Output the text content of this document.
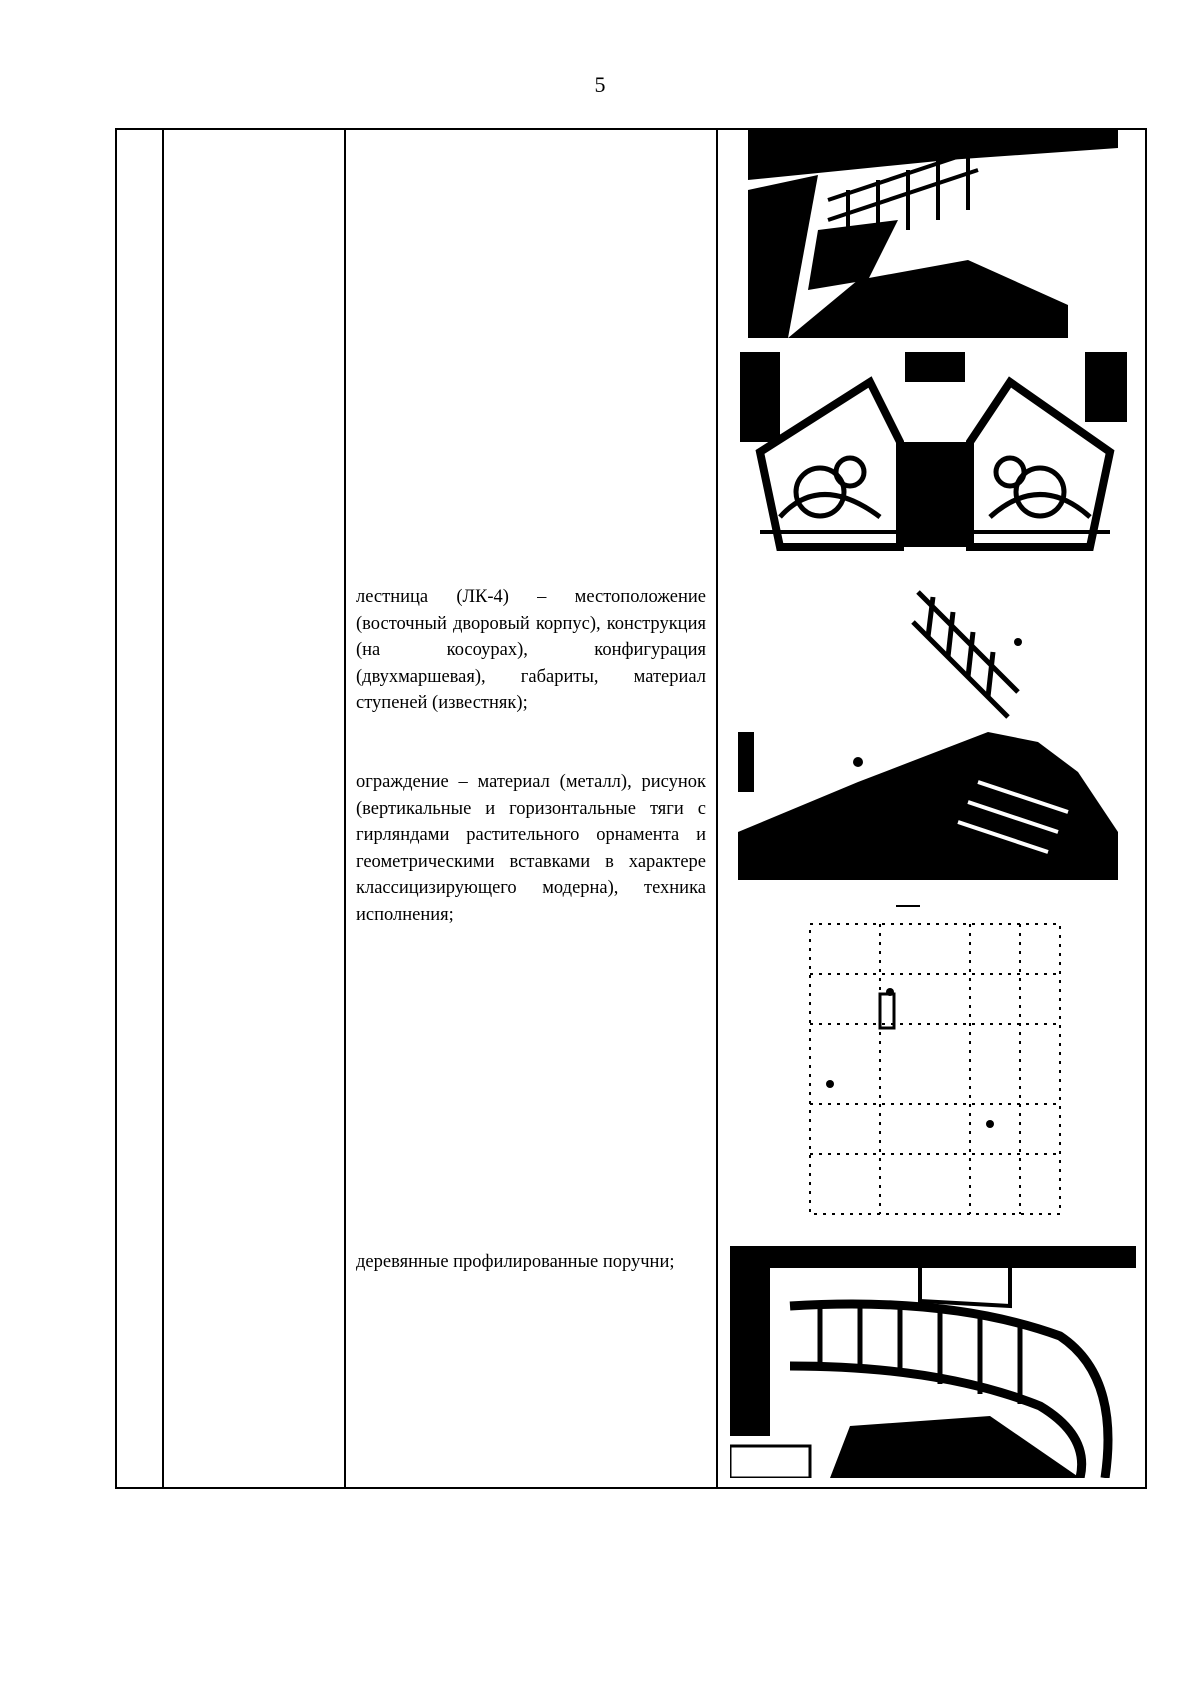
5

лестница (ЛК-4) – местоположение (восточный дворовый корпус), конструкция (на косоурах), конфигурация (двухмаршевая), габариты, материал ступеней (известняк);

ограждение – материал (металл), рисунок (вертикальные и горизонтальные тяги с гирляндами растительного орнамента и геометрическими вставками в характере классицизирующего модерна), техника исполнения;

деревянные профилированные поручни;
